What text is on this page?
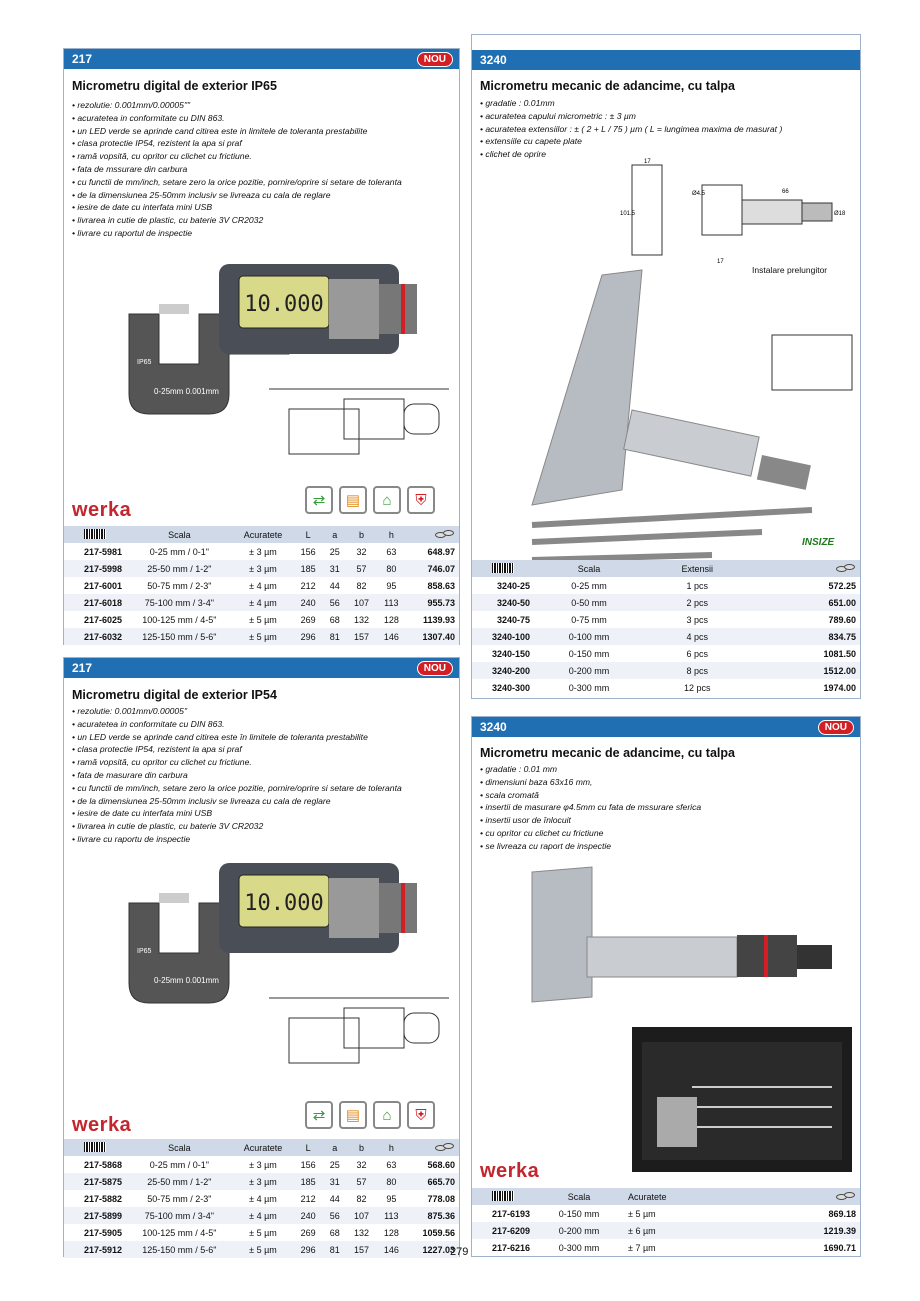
217	NOU
Micrometru digital de exterior IP65
• rezolutie: 0.001mm/0.00005""
• acuratetea in conformitate cu DIN 863.
• un LED verde se aprinde cand citirea este in limitele de toleranta prestabilite
• clasa protectie IP54, rezistent la apa si praf
• ramă vopsită, cu opritor cu clichet cu frictiune.
• fata de mssurare din carbura
• cu functii de mm/inch, setare zero la orice pozitie, pornire/oprire si setare de toleranta
• de la dimensiunea 25-50mm inclusiv se livreaza cu cala de reglare
• iesire de date cu interfata mini USB
• livrarea in cutie de plastic, cu baterie 3V CR2032
• livrare cu raportul de inspectie
10.000
0-25mm 0.001mm
IP65
werka	⇄	▤	⌂	⛨
	Scala	Acuratete	L	a	b	h	

217-5981	0-25 mm / 0-1"	± 3 µm	156	25	32	63	648.97
217-5998	25-50 mm / 1-2"	± 3 µm	185	31	57	80	746.07
217-6001	50-75 mm / 2-3"	± 4 µm	212	44	82	95	858.63
217-6018	75-100 mm / 3-4"	± 4 µm	240	56	107	113	955.73
217-6025	100-125 mm / 4-5"	± 5 µm	269	68	132	128	1139.93
217-6032	125-150 mm / 5-6"	± 5 µm	296	81	157	146	1307.40
217	NOU
Micrometru digital de exterior IP54
• rezolutie: 0.001mm/0.00005"
• acuratetea in conformitate cu DIN 863.
• un LED verde se aprinde cand citirea este în limitele de toleranta prestabilite
• clasa protectie IP54, rezistent la apa si praf
• ramă vopsită, cu opritor cu clichet cu frictiune.
• fata de masurare din carbura
• cu functii de mm/inch, setare zero la orice pozitie, pornire/oprire si setare de toleranta
• de la dimensiunea 25-50mm inclusiv se livreaza cu cala de reglare
• iesire de date cu interfata mini USB
• livrarea in cutie de plastic, cu baterie 3V CR2032
• livrare cu raportu de inspectie
10.000
0-25mm 0.001mm
IP65
werka	⇄	▤	⌂	⛨
	Scala	Acuratete	L	a	b	h	

217-5868	0-25 mm / 0-1"	± 3 µm	156	25	32	63	568.60
217-5875	25-50 mm / 1-2"	± 3 µm	185	31	57	80	665.70
217-5882	50-75 mm / 2-3"	± 4 µm	212	44	82	95	778.08
217-5899	75-100 mm / 3-4"	± 4 µm	240	56	107	113	875.36
217-5905	100-125 mm / 4-5"	± 5 µm	269	68	132	128	1059.56
217-5912	125-150 mm / 5-6"	± 5 µm	296	81	157	146	1227.03
3240
Micrometru mecanic de adancime, cu talpa
• gradatie : 0.01mm
• acuratetea capului micrometric : ± 3 µm
• acuratetea extensiilor : ± ( 2 + L / 75 ) µm ( L = lungimea maxima de masurat )
• extensiile cu capete plate
• clichet de oprire
17
Ø4.5
101.5
17
66
Ø18
Instalare prelungitor
INSIZE
	Scala	Extensii	

3240-25	0-25 mm	1 pcs	572.25
3240-50	0-50 mm	2 pcs	651.00
3240-75	0-75 mm	3 pcs	789.60
3240-100	0-100 mm	4 pcs	834.75
3240-150	0-150 mm	6 pcs	1081.50
3240-200	0-200 mm	8 pcs	1512.00
3240-300	0-300 mm	12 pcs	1974.00
3240	NOU
Micrometru mecanic de adancime, cu talpa
• gradatie : 0.01 mm
• dimensiuni baza 63x16 mm,
• scala cromată
• insertii de masurare φ4.5mm cu fata de mssurare sferica
• insertii usor de înlocuit
• cu opritor cu clichet cu frictiune
• se livreaza cu raport de inspectie
werka
	Scala	Acuratete	

217-6193	0-150 mm	± 5 µm	869.18
217-6209	0-200 mm	± 6 µm	1219.39
217-6216	0-300 mm	± 7 µm	1690.71
279
